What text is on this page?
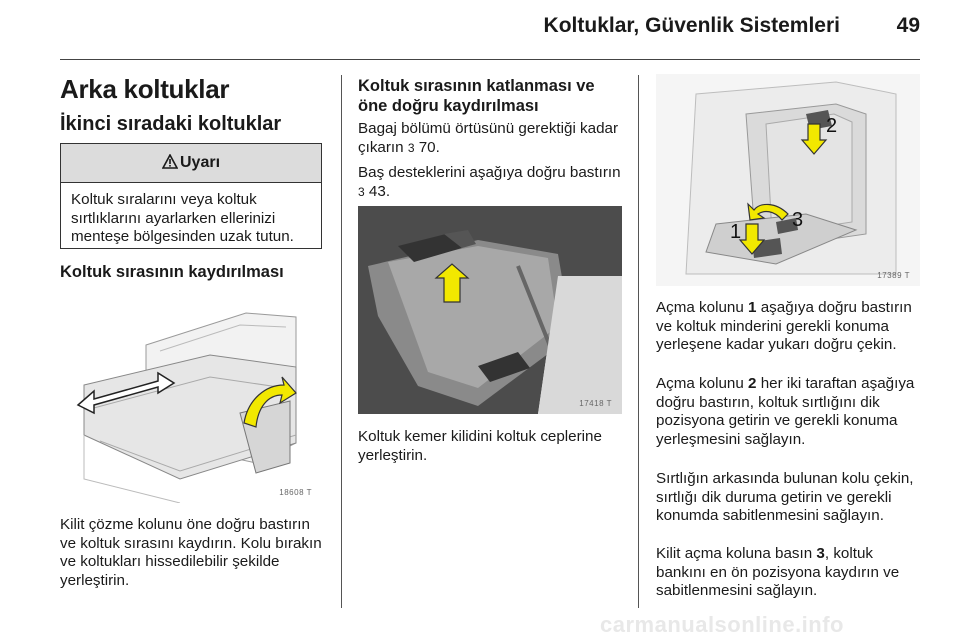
Koltuklar, Güvenlik Sistemleri	49
Arka koltuklar
İkinci sıradaki koltuklar
Uyarı
Koltuk sıralarını veya koltuk sırtlıklarını ayarlarken ellerinizi menteşe bölgesinden uzak tutun.
Koltuk sırasının kaydırılması
18608 T
Kilit çözme kolunu öne doğru bastırın ve koltuk sırasını kaydırın. Kolu bırakın ve koltukları hissedilebilir şekilde yerleştirin.
Koltuk sırasının katlanması ve öne doğru kaydırılması
Bagaj bölümü örtüsünü gerektiği kadar çıkarın 3 70.
Baş desteklerini aşağıya doğru bastırın 3 43.
17418 T
Koltuk kemer kilidini koltuk ceplerine yerleştirin.
2
3
1
17389 T
Açma kolunu 1 aşağıya doğru bastırın ve koltuk minderini gerekli konuma yerleşene kadar yukarı doğru çekin.
Açma kolunu 2 her iki taraftan aşağıya doğru bastırın, koltuk sırtlığını dik pozisyona getirin ve gerekli konuma yerleşmesini sağlayın.
Sırtlığın arkasında bulunan kolu çekin, sırtlığı dik duruma getirin ve gerekli konumda sabitlenmesini sağlayın.
Kilit açma koluna basın 3, koltuk bankını en ön pozisyona kaydırın ve sabitlenmesini sağlayın.
carmanualsonline.info
